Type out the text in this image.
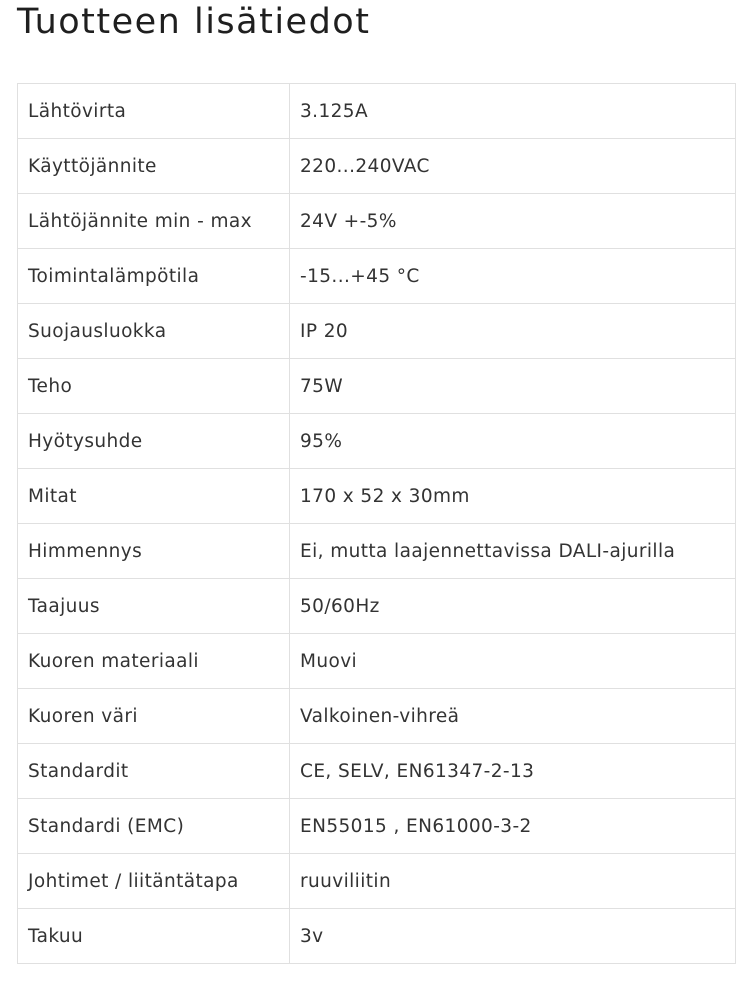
Tuotteen lisätiedot
Lähtövirta	3.125A
Käyttöjännite	220...240VAC
Lähtöjännite min - max	24V +-5%
Toimintalämpötila	-15...+45 °C
Suojausluokka	IP 20
Teho	75W
Hyötysuhde	95%
Mitat	170 x 52 x 30mm
Himmennys	Ei, mutta laajennettavissa DALI-ajurilla
Taajuus	50/60Hz
Kuoren materiaali	Muovi
Kuoren väri	Valkoinen-vihreä
Standardit	CE, SELV, EN61347-2-13
Standardi (EMC)	EN55015 , EN61000-3-2
Johtimet / liitäntätapa	ruuviliitin
Takuu	3v
